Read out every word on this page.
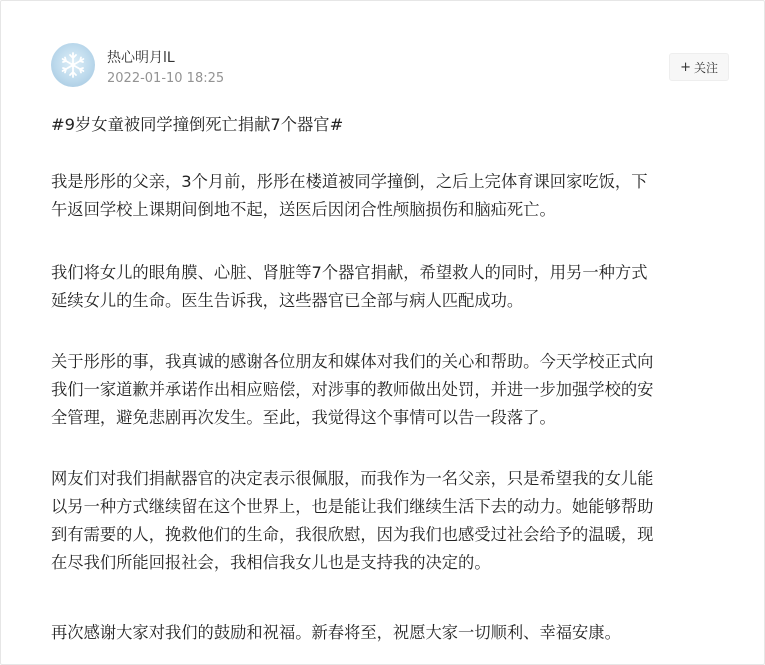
热心明月lL
2022-01-10 18:25
+ 关注

#9岁女童被同学撞倒死亡捐献7个器官#

我是彤彤的父亲，3个月前，彤彤在楼道被同学撞倒，之后上完体育课回家吃饭，下
午返回学校上课期间倒地不起，送医后因闭合性颅脑损伤和脑疝死亡。

我们将女儿的眼角膜、心脏、肾脏等7个器官捐献，希望救人的同时，用另一种方式
延续女儿的生命。医生告诉我，这些器官已全部与病人匹配成功。

关于彤彤的事，我真诚的感谢各位朋友和媒体对我们的关心和帮助。今天学校正式向
我们一家道歉并承诺作出相应赔偿，对涉事的教师做出处罚，并进一步加强学校的安
全管理，避免悲剧再次发生。至此，我觉得这个事情可以告一段落了。

网友们对我们捐献器官的决定表示很佩服，而我作为一名父亲，只是希望我的女儿能
以另一种方式继续留在这个世界上，也是能让我们继续生活下去的动力。她能够帮助
到有需要的人，挽救他们的生命，我很欣慰，因为我们也感受过社会给予的温暖，现
在尽我们所能回报社会，我相信我女儿也是支持我的决定的。

再次感谢大家对我们的鼓励和祝福。新春将至，祝愿大家一切顺利、幸福安康。
